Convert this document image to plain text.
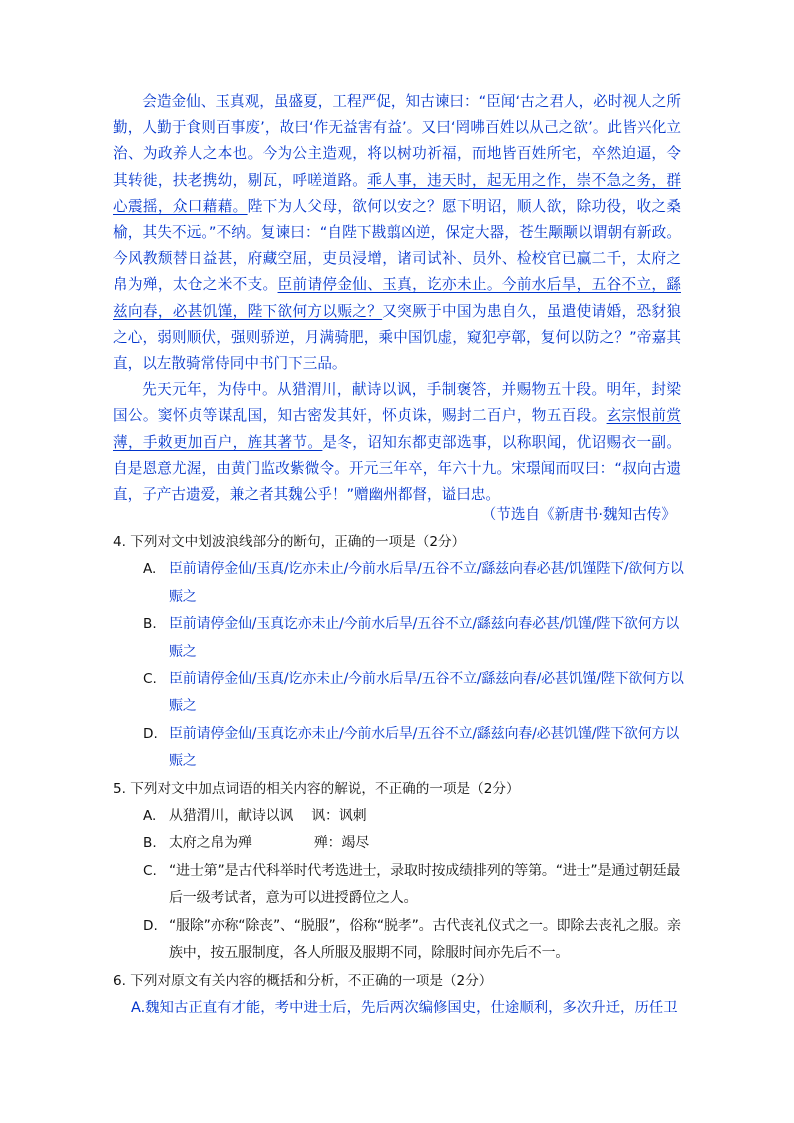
会造金仙、玉真观，虽盛夏，工程严促，知古谏曰：“臣闻‘古之君人，必时视人之所勤，人勤于食则百事废’，故曰‘作无益害有益’。又曰‘罔咈百姓以从己之欲’。此皆兴化立治、为政养人之本也。今为公主造观，将以树功祈福，而地皆百姓所宅，卒然迫逼，令其转徙，扶老携幼，剔瓦，呼嗟道路。乖人事，违天时，起无用之作，崇不急之务，群心震摇，众口藉藉。陛下为人父母，欲何以安之？愿下明诏，顺人欲，除功役，收之桑榆，其失不远。”不纳。复谏曰：“自陛下戡翦凶逆，保定大器，苍生颙颙以谓朝有新政。今风教颓替日益甚，府藏空屈，吏员浸增，诸司试补、员外、检校官已赢二千，太府之帛为殚，太仓之米不支。臣前请停金仙、玉真，讫亦未止。今前水后旱，五谷不立，繇兹向春，必甚饥馑，陛下欲何方以赈之？又突厥于中国为患自久，虽遣使请婚，恐豺狼之心，弱则顺伏，强则骄逆，月满骑肥，乘中国饥虚，窥犯亭鄣，复何以防之？”帝嘉其直，以左散骑常侍同中书门下三品。

先天元年，为侍中。从猎渭川，献诗以讽，手制褒答，并赐物五十段。明年，封梁国公。窦怀贞等谋乱国，知古密发其奸，怀贞诛，赐封二百户，物五百段。玄宗恨前赏薄，手敕更加百户，旌其著节。是冬，诏知东都吏部选事，以称职闻，优诏赐衣一副。自是恩意尤渥，由黄门监改紫微令。开元三年卒，年六十九。宋璟闻而叹曰：“叔向古遗直，子产古遗爱，兼之者其魏公乎！”赠幽州都督，谥曰忠。

（节选自《新唐书·魏知古传》

4. 下列对文中划波浪线部分的断句，正确的一项是（2分）

A. 臣前请停金仙/玉真/讫亦未止/今前水后旱/五谷不立/繇兹向春必甚/饥馑陛下/欲何方以赈之
B. 臣前请停金仙/玉真讫亦未止/今前水后旱/五谷不立/繇兹向春必甚/饥馑/陛下欲何方以赈之
C. 臣前请停金仙/玉真/讫亦未止/今前水后旱/五谷不立/繇兹向春/必甚饥馑/陛下欲何方以赈之
D. 臣前请停金仙/玉真讫亦未止/今前水后旱/五谷不立/繇兹向春/必甚饥馑/陛下欲何方以赈之

5. 下列对文中加点词语的相关内容的解说，不正确的一项是（2分）

A. 从猎渭川，献诗以讽 讽：讽刺
B. 太府之帛为殚	殚：竭尽
C. “进士第”是古代科举时代考选进士，录取时按成绩排列的等第。“进士”是通过朝廷最后一级考试者，意为可以进授爵位之人。
D. “服除”亦称“除丧”、“脱服”，俗称“脱孝”。古代丧礼仪式之一。即除去丧礼之服。亲族中，按五服制度，各人所服及服期不同，除服时间亦先后不一。

6. 下列对原文有关内容的概括和分析，不正确的一项是（2分）

A.魏知古正直有才能，考中进士后，先后两次编修国史，仕途顺利，多次升迁，历任卫
